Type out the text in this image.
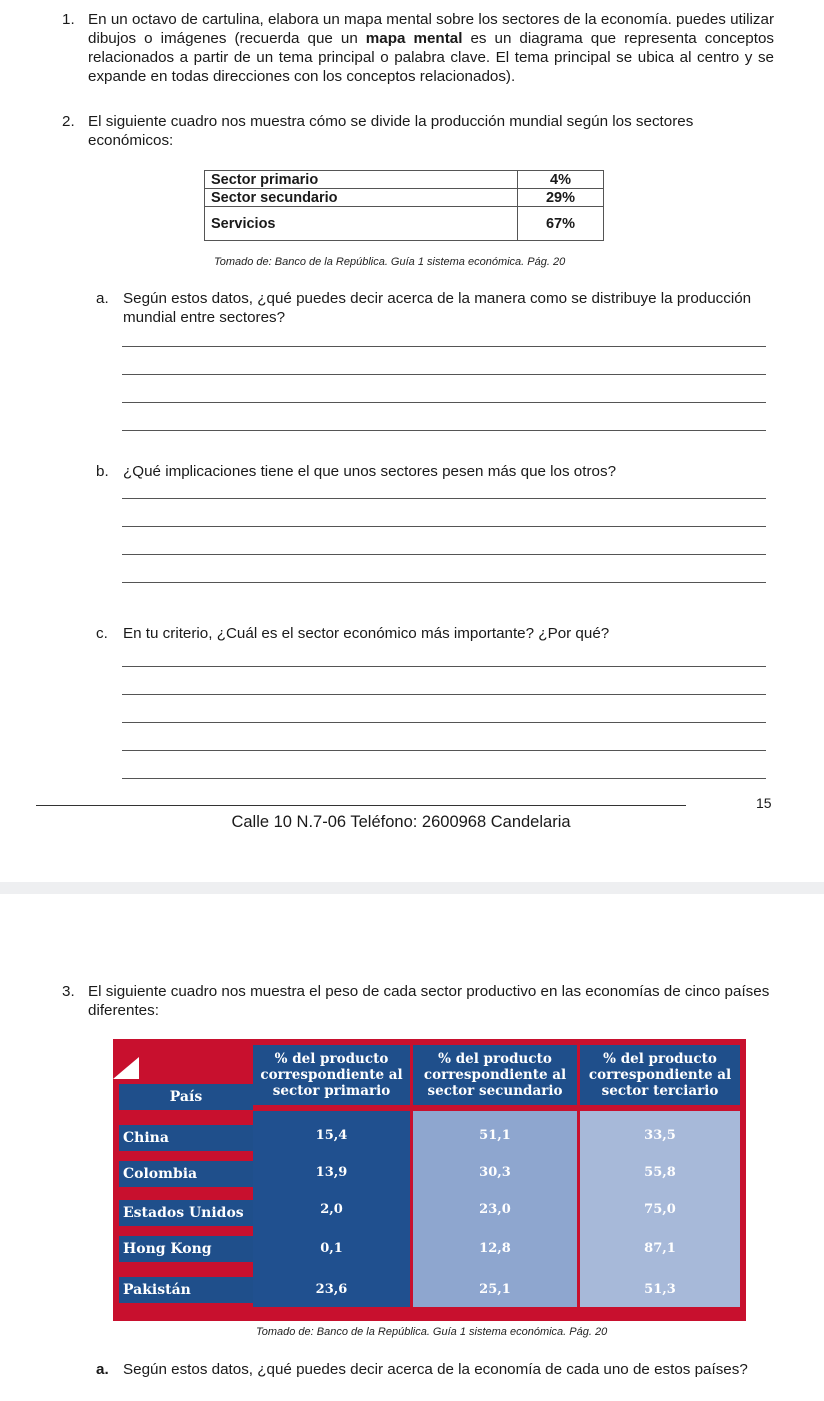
1. En un octavo de cartulina, elabora un mapa mental sobre los sectores de la economía. puedes utilizar dibujos o imágenes (recuerda que un mapa mental es un diagrama que representa conceptos relacionados a partir de un tema principal o palabra clave. El tema principal se ubica al centro y se expande en todas direcciones con los conceptos relacionados).
2. El siguiente cuadro nos muestra cómo se divide la producción mundial según los sectores económicos:
Sector primario	4%
Sector secundario	29%
Servicios	67%
Tomado de: Banco de la República. Guía 1 sistema económica. Pág. 20
a. Según estos datos, ¿qué puedes decir acerca de la manera como se distribuye la producción mundial entre sectores?
b. ¿Qué implicaciones tiene el que unos sectores pesen más que los otros?
c. En tu criterio, ¿Cuál es el sector económico más importante? ¿Por qué?
15
Calle 10 N.7-06 Teléfono: 2600968 Candelaria
3. El siguiente cuadro nos muestra el peso de cada sector productivo en las economías de cinco países diferentes:
País
% del producto correspondiente al sector primario
% del producto correspondiente al sector secundario
% del producto correspondiente al sector terciario
China	15,4	51,1	33,5
Colombia	13,9	30,3	55,8
Estados Unidos	2,0	23,0	75,0
Hong Kong	0,1	12,8	87,1
Pakistán	23,6	25,1	51,3
Tomado de: Banco de la República. Guía 1 sistema económica. Pág. 20
a. Según estos datos, ¿qué puedes decir acerca de la economía de cada uno de estos países?
